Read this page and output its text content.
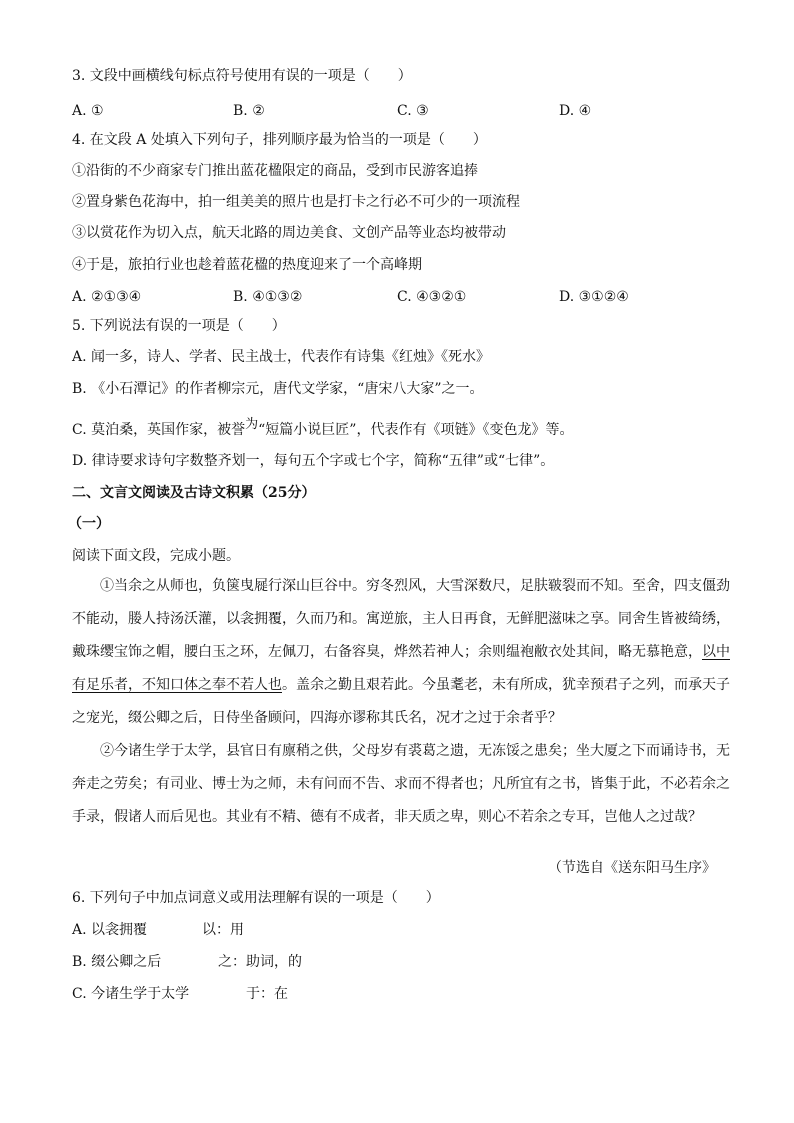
3. 文段中画横线句标点符号使用有误的一项是（　　）
A. ①	B. ②	C. ③	D. ④
4. 在文段 A 处填入下列句子，排列顺序最为恰当的一项是（　　）
①沿街的不少商家专门推出蓝花楹限定的商品，受到市民游客追捧
②置身紫色花海中，拍一组美美的照片也是打卡之行必不可少的一项流程
③以赏花作为切入点，航天北路的周边美食、文创产品等业态均被带动
④于是，旅拍行业也趁着蓝花楹的热度迎来了一个高峰期
A. ②①③④	B. ④①③②	C. ④③②①	D. ③①②④
5. 下列说法有误的一项是（　　）
A. 闻一多，诗人、学者、民主战士，代表作有诗集《红烛》《死水》
B. 《小石潭记》的作者柳宗元，唐代文学家，“唐宋八大家”之一。
C. 莫泊桑，英国作家，被誉为“短篇小说巨匠”，代表作有《项链》《变色龙》等。
D. 律诗要求诗句字数整齐划一，每句五个字或七个字，简称“五律”或“七律”。
二、文言文阅读及古诗文积累（25分）
（一）
阅读下面文段，完成小题。
①当余之从师也，负箧曳屣行深山巨谷中。穷冬烈风，大雪深数尺，足肤皲裂而不知。至舍，四支僵劲不能动，媵人持汤沃灌，以衾拥覆，久而乃和。寓逆旅，主人日再食，无鲜肥滋味之享。同舍生皆被绮绣，戴珠缨宝饰之帽，腰白玉之环，左佩刀，右备容臭，烨然若神人；余则缊袍敝衣处其间，略无慕艳意，以中有足乐者，不知口体之奉不若人也。盖余之勤且艰若此。今虽耄老，未有所成，犹幸预君子之列，而承天子之宠光，缀公卿之后，日侍坐备顾问，四海亦谬称其氏名，况才之过于余者乎？
②今诸生学于太学，县官日有廪稍之供，父母岁有裘葛之遗，无冻馁之患矣；坐大厦之下而诵诗书，无奔走之劳矣；有司业、博士为之师，未有问而不告、求而不得者也；凡所宜有之书，皆集于此，不必若余之手录，假诸人而后见也。其业有不精、德有不成者，非天质之卑，则心不若余之专耳，岂他人之过哉？
（节选自《送东阳马生序》
6. 下列句子中加点词意义或用法理解有误的一项是（　　）
A. 以衾拥覆	以：用
B. 缀公卿之后	之：助词，的
C. 今诸生学于太学	于：在
